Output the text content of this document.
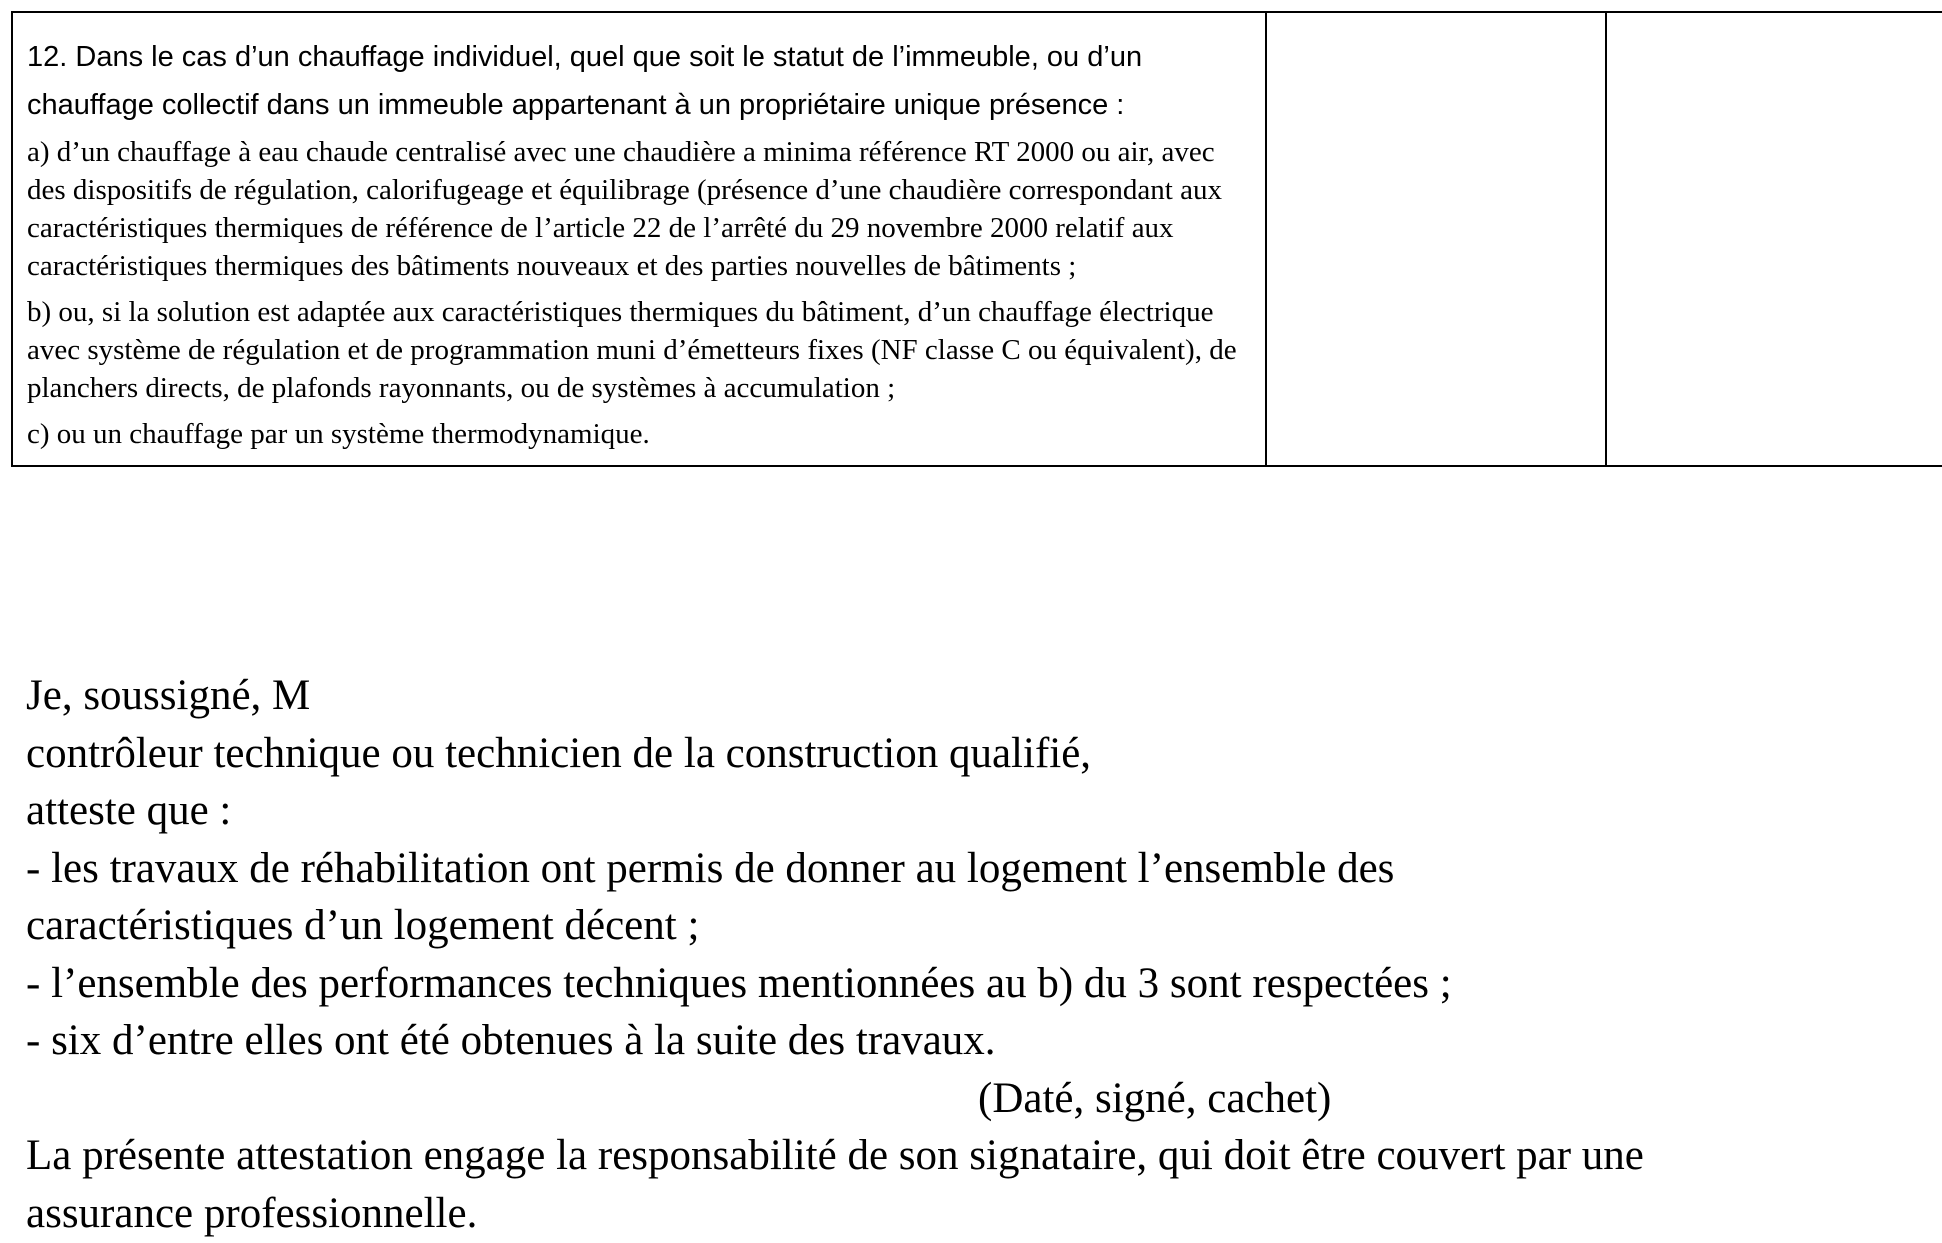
12. Dans le cas d’un chauffage individuel, quel que soit le statut de l’immeuble, ou d’un chauffage collectif dans un immeuble appartenant à un propriétaire unique présence :

a) d’un chauffage à eau chaude centralisé avec une chaudière a minima référence RT 2000 ou air, avec des dispositifs de régulation, calorifugeage et équilibrage (présence d’une chaudière correspondant aux caractéristiques thermiques de référence de l’article 22 de l’arrêté du 29 novembre 2000 relatif aux caractéristiques thermiques des bâtiments nouveaux et des parties nouvelles de bâtiments ;

b) ou, si la solution est adaptée aux caractéristiques thermiques du bâtiment, d’un chauffage électrique avec système de régulation et de programmation muni d’émetteurs fixes (NF classe C ou équivalent), de planchers directs, de plafonds rayonnants, ou de systèmes à accumulation ;

c) ou un chauffage par un système thermodynamique.

Je, soussigné, M
contrôleur technique ou technicien de la construction qualifié,
atteste que :
- les travaux de réhabilitation ont permis de donner au logement l’ensemble des
caractéristiques d’un logement décent ;
- l’ensemble des performances techniques mentionnées au b) du 3 sont respectées ;
- six d’entre elles ont été obtenues à la suite des travaux.
(Daté, signé, cachet)
La présente attestation engage la responsabilité de son signataire, qui doit être couvert par une
assurance professionnelle.
